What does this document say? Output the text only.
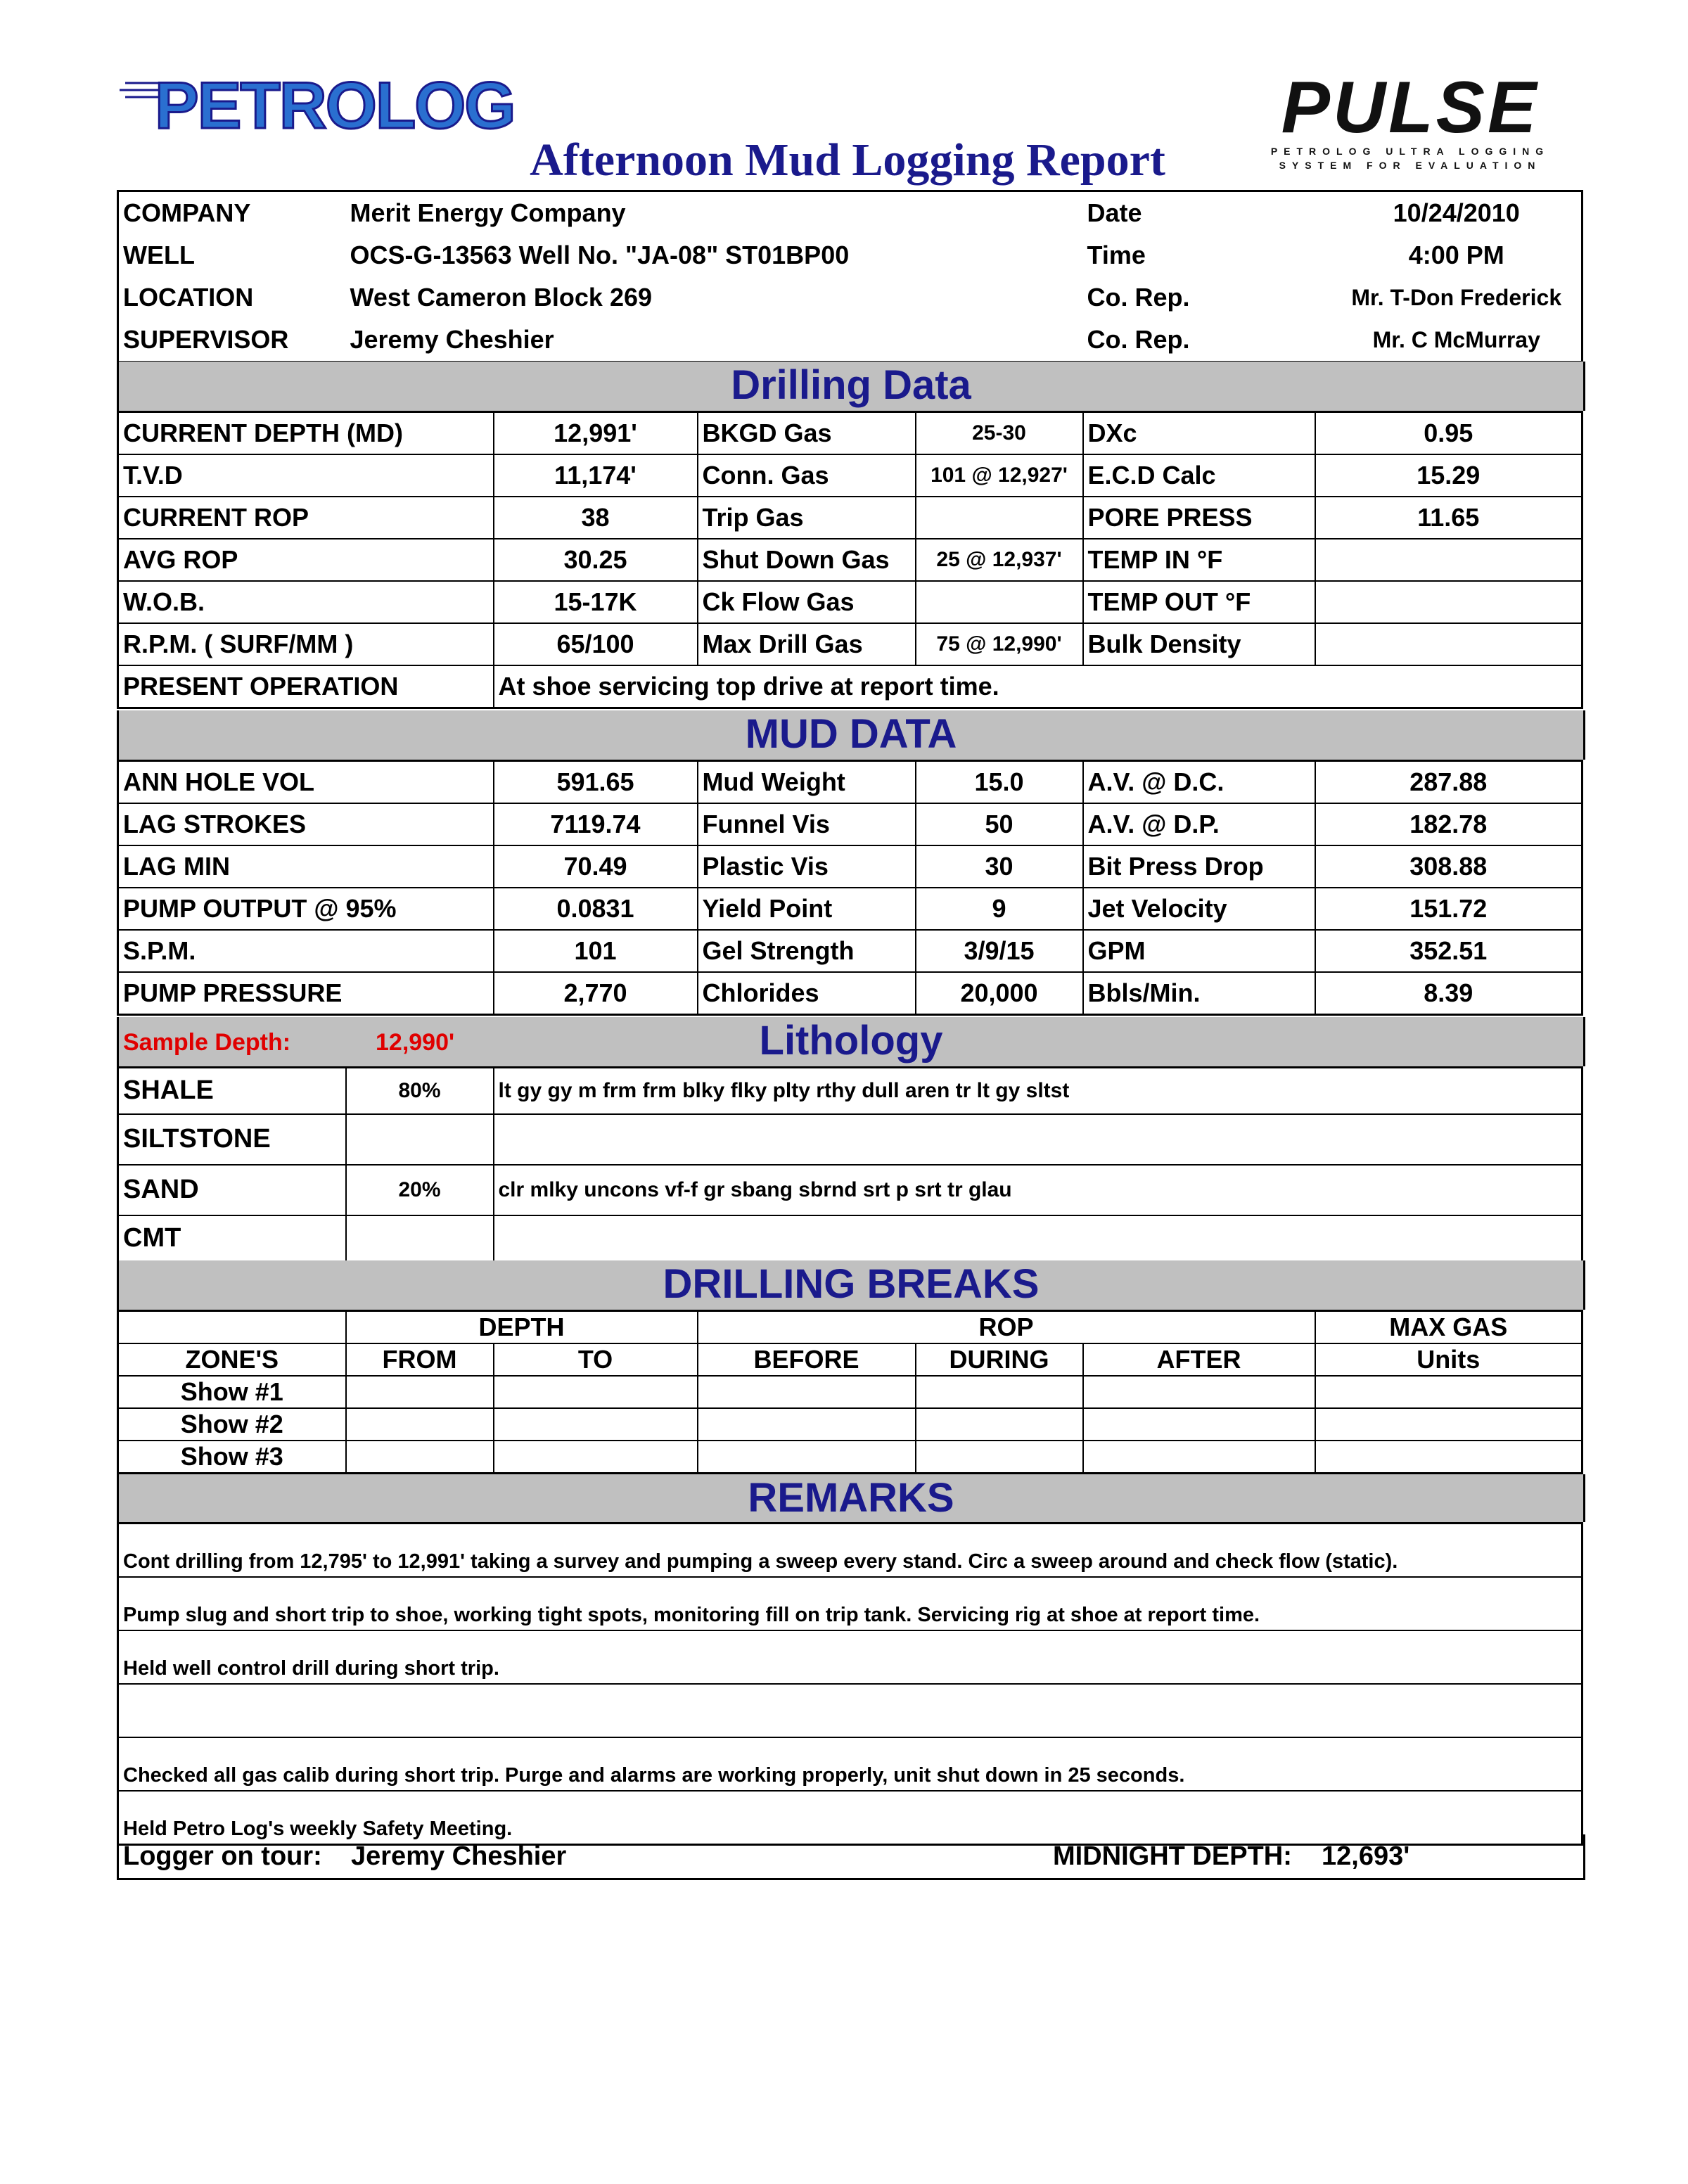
PETROLOG	PULSE
PETROLOG ULTRA LOGGING
SYSTEM FOR EVALUATION
Afternoon Mud Logging Report
COMPANY	Merit Energy Company	Date	10/24/2010
WELL	OCS-G-13563 Well No. "JA-08" ST01BP00	Time	4:00 PM
LOCATION	West Cameron Block 269	Co. Rep.	Mr. T-Don Frederick
SUPERVISOR	Jeremy Cheshier	Co. Rep.	Mr. C McMurray
Drilling Data
CURRENT DEPTH (MD)	12,991'	BKGD Gas	25-30	DXc	0.95
T.V.D	11,174'	Conn. Gas	101 @ 12,927'	E.C.D Calc	15.29
CURRENT ROP	38	Trip Gas		PORE PRESS	11.65
AVG ROP	30.25	Shut Down Gas	25 @ 12,937'	TEMP IN °F	
W.O.B.	15-17K	Ck Flow Gas		TEMP OUT °F	
R.P.M. ( SURF/MM )	65/100	Max Drill Gas	75 @ 12,990'	Bulk Density	
PRESENT OPERATION	At shoe servicing top drive at report time.				
MUD DATA
ANN HOLE VOL	591.65	Mud Weight	15.0	A.V. @ D.C.	287.88
LAG STROKES	7119.74	Funnel Vis	50	A.V. @ D.P.	182.78
LAG MIN	70.49	Plastic Vis	30	Bit Press Drop	308.88
PUMP OUTPUT @ 95%	0.0831	Yield Point	9	Jet Velocity	151.72
S.P.M.	101	Gel Strength	3/9/15	GPM	352.51
PUMP PRESSURE	2,770	Chlorides	20,000	Bbls/Min.	8.39
Sample Depth:	12,990'	Lithology
SHALE	80%	lt gy gy m frm frm blky flky plty rthy dull aren tr lt gy sltst
SILTSTONE		
SAND	20%	clr mlky uncons vf-f gr sbang sbrnd srt p srt tr glau
CMT		
DRILLING BREAKS
	DEPTH		ROP			MAX GAS
ZONE'S	FROM	TO	BEFORE	DURING	AFTER	Units
Show #1						
Show #2						
Show #3						
REMARKS
Cont drilling from 12,795' to 12,991' taking a survey and pumping a sweep every stand. Circ a sweep around and check flow (static).
Pump slug and short trip to shoe, working tight spots, monitoring fill on trip tank. Servicing rig at shoe at report time.
Held well control drill during short trip.

Checked all gas calib during short trip. Purge and alarms are working properly, unit shut down in 25 seconds.
Held Petro Log's weekly Safety Meeting.
Logger on tour: Jeremy Cheshier	MIDNIGHT DEPTH: 12,693'
